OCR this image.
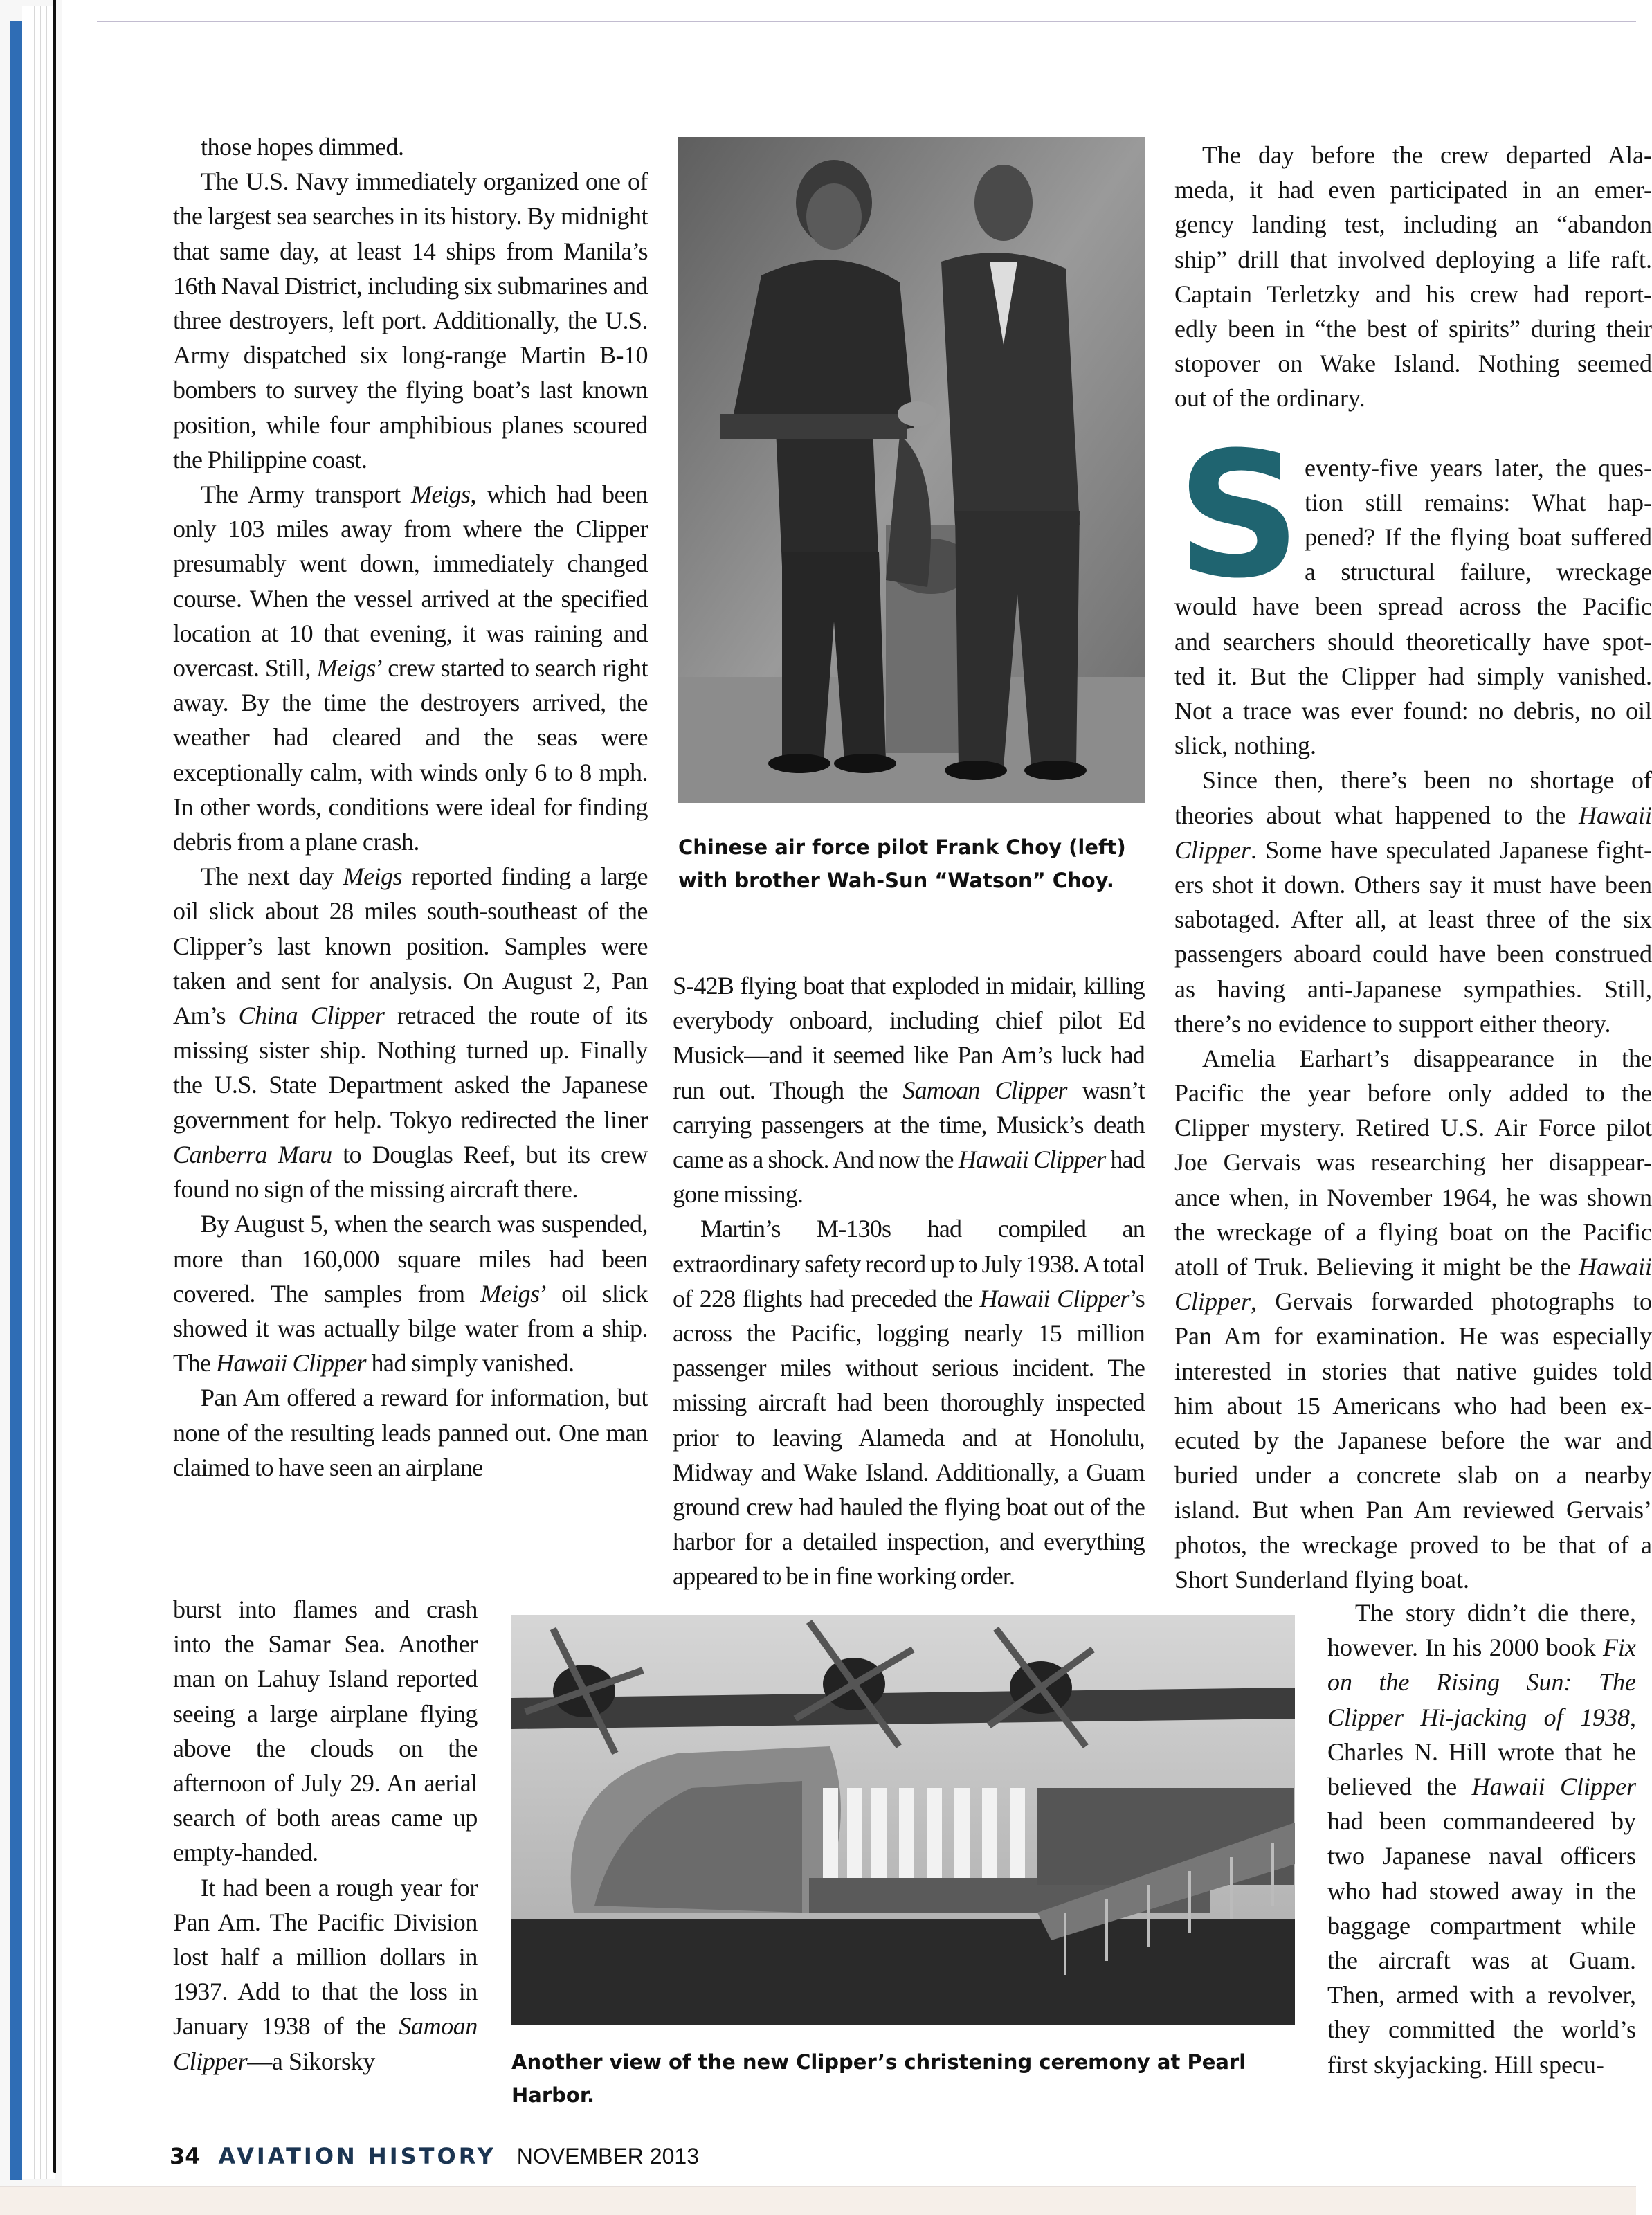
those hopes dimmed.

The U.S. Navy immediately organized one of the largest sea searches in its history. By midnight that same day, at least 14 ships from Manila’s 16th Naval District, including six submarines and three destroyers, left port. Additionally, the U.S. Army dispatched six long-range Martin B-10 bombers to survey the flying boat’s last known position, while four amphibious planes scoured the Philippine coast.

The Army transport Meigs, which had been only 103 miles away from where the Clipper presumably went down, immediately changed course. When the vessel arrived at the specified location at 10 that evening, it was raining and overcast. Still, Meigs’ crew started to search right away. By the time the destroyers arrived, the weather had cleared and the seas were exceptionally calm, with winds only 6 to 8 mph. In other words, conditions were ideal for finding debris from a plane crash.

The next day Meigs reported finding a large oil slick about 28 miles south-southeast of the Clipper’s last known position. Samples were taken and sent for analysis. On August 2, Pan Am’s China Clipper retraced the route of its missing sister ship. Nothing turned up. Finally the U.S. State Department asked the Japanese government for help. Tokyo redirected the liner Canberra Maru to Douglas Reef, but its crew found no sign of the missing aircraft there.

By August 5, when the search was suspended, more than 160,000 square miles had been covered. The samples from Meigs’ oil slick showed it was actually bilge water from a ship. The Hawaii Clipper had simply vanished.

Pan Am offered a reward for information, but none of the resulting leads panned out. One man claimed to have seen an airplane

burst into flames and crash into the Samar Sea. Another man on Lahuy Island reported seeing a large airplane flying above the clouds on the afternoon of July 29. An aerial search of both areas came up empty-handed.

It had been a rough year for Pan Am. The Pacific Division lost half a million dollars in 1937. Add to that the loss in January 1938 of the Samoan Clipper—a Sikorsky

Chinese air force pilot Frank Choy (left)
with brother Wah-Sun “Watson” Choy.

S-42B flying boat that exploded in midair, killing everybody onboard, including chief pilot Ed Musick—and it seemed like Pan Am’s luck had run out. Though the Samoan Clipper wasn’t carrying passengers at the time, Musick’s death came as a shock. And now the Hawaii Clipper had gone missing.

Martin’s M-130s had compiled an extraordinary safety record up to July 1938. A total of 228 flights had preceded the Hawaii Clipper’s across the Pacific, logging nearly 15 million passenger miles without serious incident. The missing aircraft had been thoroughly inspected prior to leaving Alameda and at Honolulu, Midway and Wake Island. Additionally, a Guam ground crew had hauled the flying boat out of the harbor for a detailed inspection, and everything appeared to be in fine working order.

The day before the crew departed Ala-
meda, it had even participated in an emer-
gency landing test, including an “abandon
ship” drill that involved deploying a life raft.
Captain Terletzky and his crew had report-
edly been in “the best of spirits” during their
stopover on Wake Island. Nothing seemed
out of the ordinary.
eventy-five years later, the ques-
tion still remains: What hap-
pened? If the flying boat suffered
a structural failure, wreckage
would have been spread across the Pacific
and searchers should theoretically have spot-
ted it. But the Clipper had simply vanished.
Not a trace was ever found: no debris, no oil
slick, nothing.
Since then, there’s been no shortage of
theories about what happened to the Hawaii
Clipper. Some have speculated Japanese fight-
ers shot it down. Others say it must have been
sabotaged. After all, at least three of the six
passengers aboard could have been construed
as having anti-Japanese sympathies. Still,
there’s no evidence to support either theory.
Amelia Earhart’s disappearance in the
Pacific the year before only added to the
Clipper mystery. Retired U.S. Air Force pilot
Joe Gervais was researching her disappear-
ance when, in November 1964, he was shown
the wreckage of a flying boat on the Pacific
atoll of Truk. Believing it might be the Hawaii
Clipper, Gervais forwarded photographs to
Pan Am for examination. He was especially
interested in stories that native guides told
him about 15 Americans who had been ex-
ecuted by the Japanese before the war and
buried under a concrete slab on a nearby
island. But when Pan Am reviewed Gervais’
photos, the wreckage proved to be that of a
Short Sunderland flying boat.
S

The story didn’t die there, however. In his 2000 book Fix on the Rising Sun: The Clipper Hi-jacking of 1938, Charles N. Hill wrote that he believed the Hawaii Clipper had been commandeered by two Japanese naval officers who had stowed away in the baggage compartment while the aircraft was at Guam. Then, armed with a revolver, they committed the world’s first skyjacking. Hill specu-

Another view of the new Clipper’s christening ceremony at Pearl Harbor.
34 AVIATION HISTORY NOVEMBER 2013
